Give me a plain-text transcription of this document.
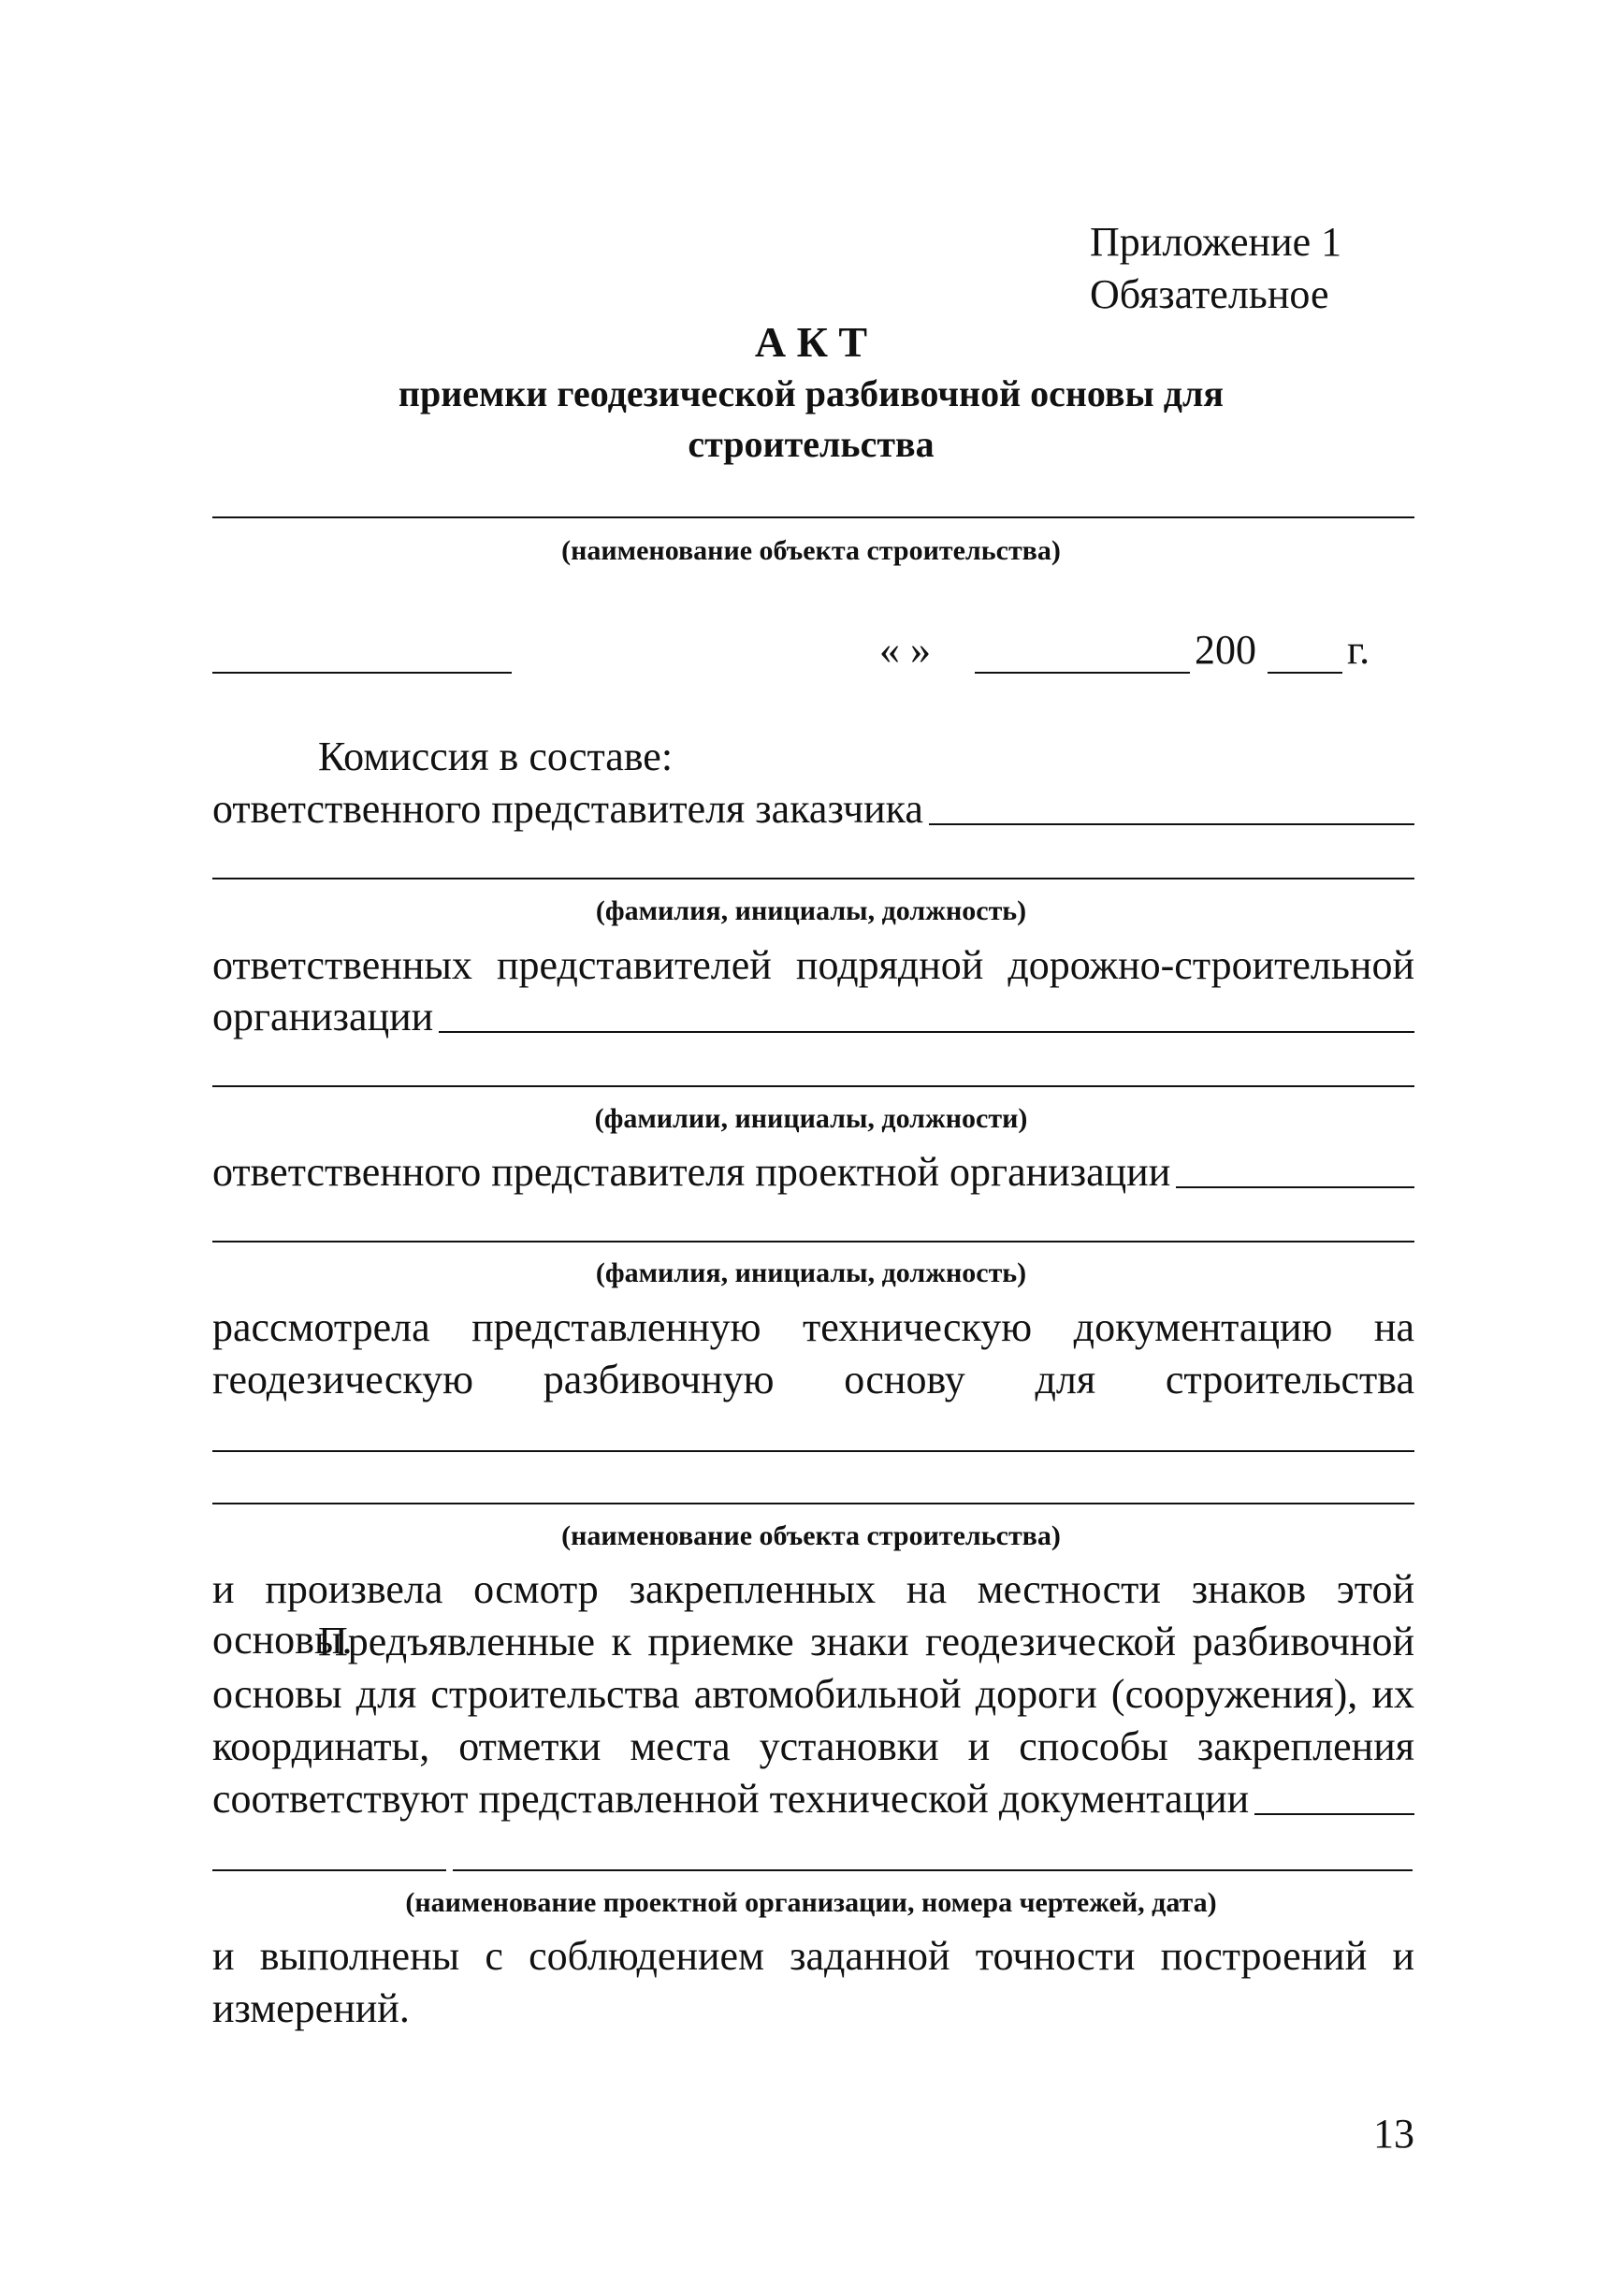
Приложение 1
Обязательное
А К Т
приемки геодезической разбивочной основы для
строительства
(наименование объекта строительства)
« »	200 г.
Комиссия в составе:
ответственного представителя заказчика
(фамилия, инициалы, должность)
ответственных представителей подрядной дорожно-строительной
организации
(фамилии, инициалы, должности)
ответственного представителя проектной организации
(фамилия, инициалы, должность)
рассмотрела представленную техническую документацию на
геодезическую разбивочную основу для строительства
(наименование объекта строительства)
и произвела осмотр закрепленных на местности знаков этой основы.
Предъявленные к приемке знаки геодезической разбивочной
основы для строительства автомобильной дороги (сооружения), их
координаты, отметки места установки и способы закрепления
соответствуют представленной технической документации
(наименование проектной организации, номера чертежей, дата)
и выполнены с соблюдением заданной точности построений и
измерений.
13
